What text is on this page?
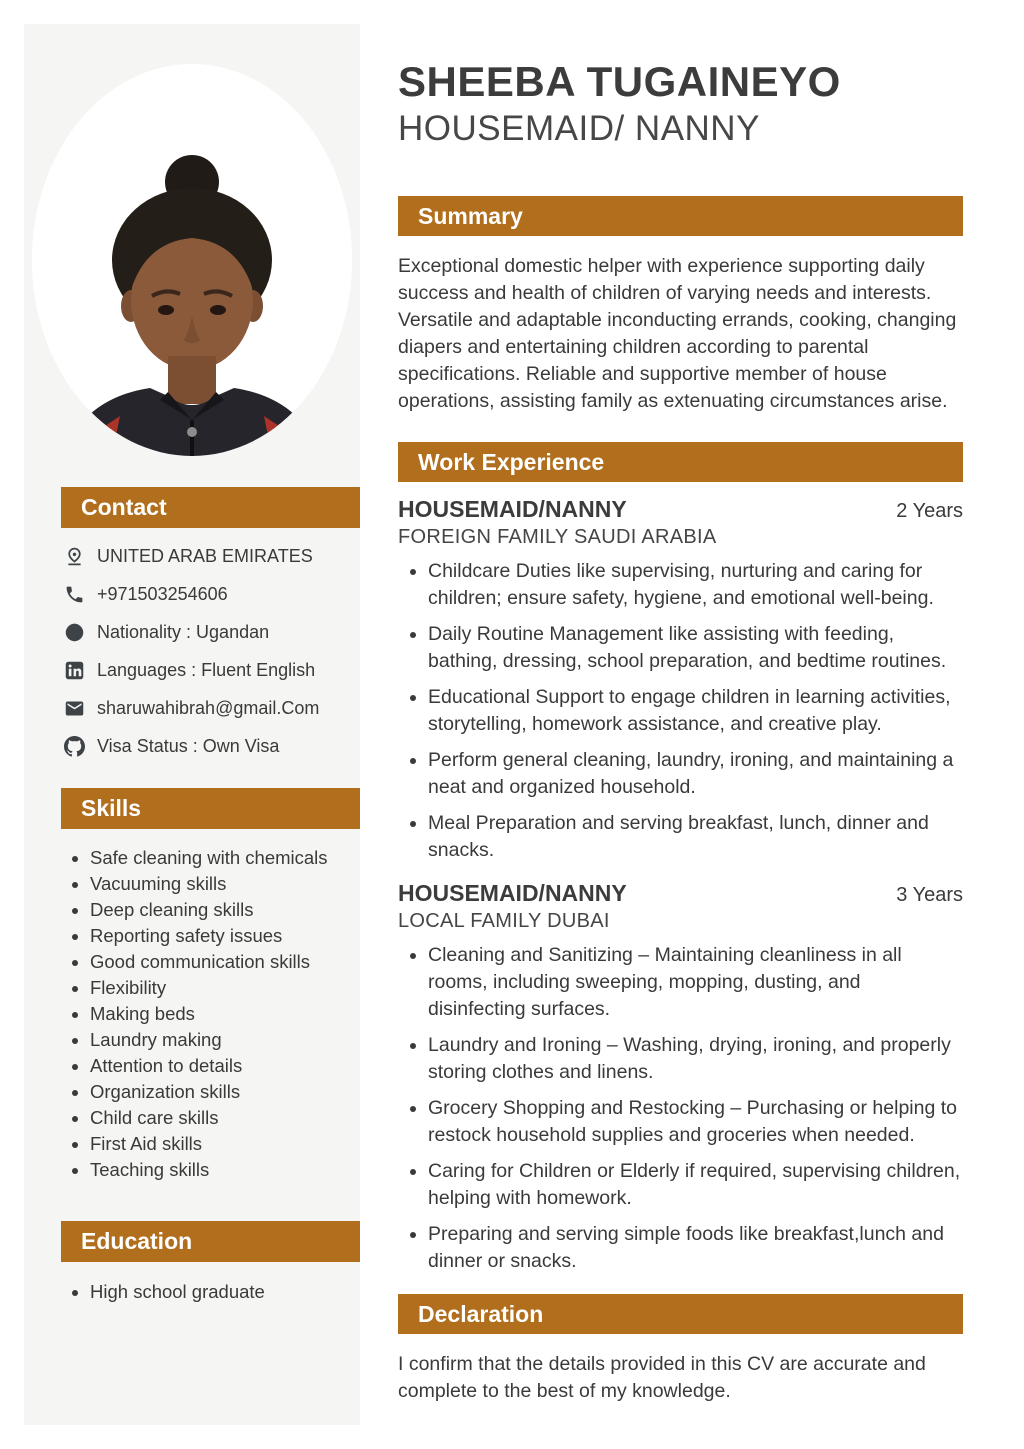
Contact
UNITED ARAB EMIRATES
+971503254606
Nationality : Ugandan
Languages : Fluent English
sharuwahibrah@gmail.Com
Visa Status : Own Visa
Skills
• Safe cleaning with chemicals
• Vacuuming skills
• Deep cleaning skills
• Reporting safety issues
• Good communication skills
• Flexibility
• Making beds
• Laundry making
• Attention to details
• Organization skills
• Child care skills
• First Aid skills
• Teaching skills
Education
• High school graduate
SHEEBA TUGAINEYO
HOUSEMAID/ NANNY
Summary

Exceptional domestic helper with experience supporting daily success and health of children of varying needs and interests. Versatile and adaptable inconducting errands, cooking, changing diapers and entertaining children according to parental specifications. Reliable and supportive member of house operations, assisting family as extenuating circumstances arise.

Work Experience
HOUSEMAID/NANNY	2 Years
FOREIGN FAMILY SAUDI ARABIA
• Childcare Duties like supervising, nurturing and caring for children; ensure safety, hygiene, and emotional well-being.
• Daily Routine Management like assisting with feeding, bathing, dressing, school preparation, and bedtime routines.
• Educational Support to engage children in learning activities, storytelling, homework assistance, and creative play.
• Perform general cleaning, laundry, ironing, and maintaining a neat and organized household.
• Meal Preparation and serving breakfast, lunch, dinner and snacks.
HOUSEMAID/NANNY	3 Years
LOCAL FAMILY DUBAI
• Cleaning and Sanitizing – Maintaining cleanliness in all rooms, including sweeping, mopping, dusting, and disinfecting surfaces.
• Laundry and Ironing – Washing, drying, ironing, and properly storing clothes and linens.
• Grocery Shopping and Restocking – Purchasing or helping to restock household supplies and groceries when needed.
• Caring for Children or Elderly if required, supervising children, helping with homework.
• Preparing and serving simple foods like breakfast,lunch and dinner or snacks.
Declaration

I confirm that the details provided in this CV are accurate and complete to the best of my knowledge.
